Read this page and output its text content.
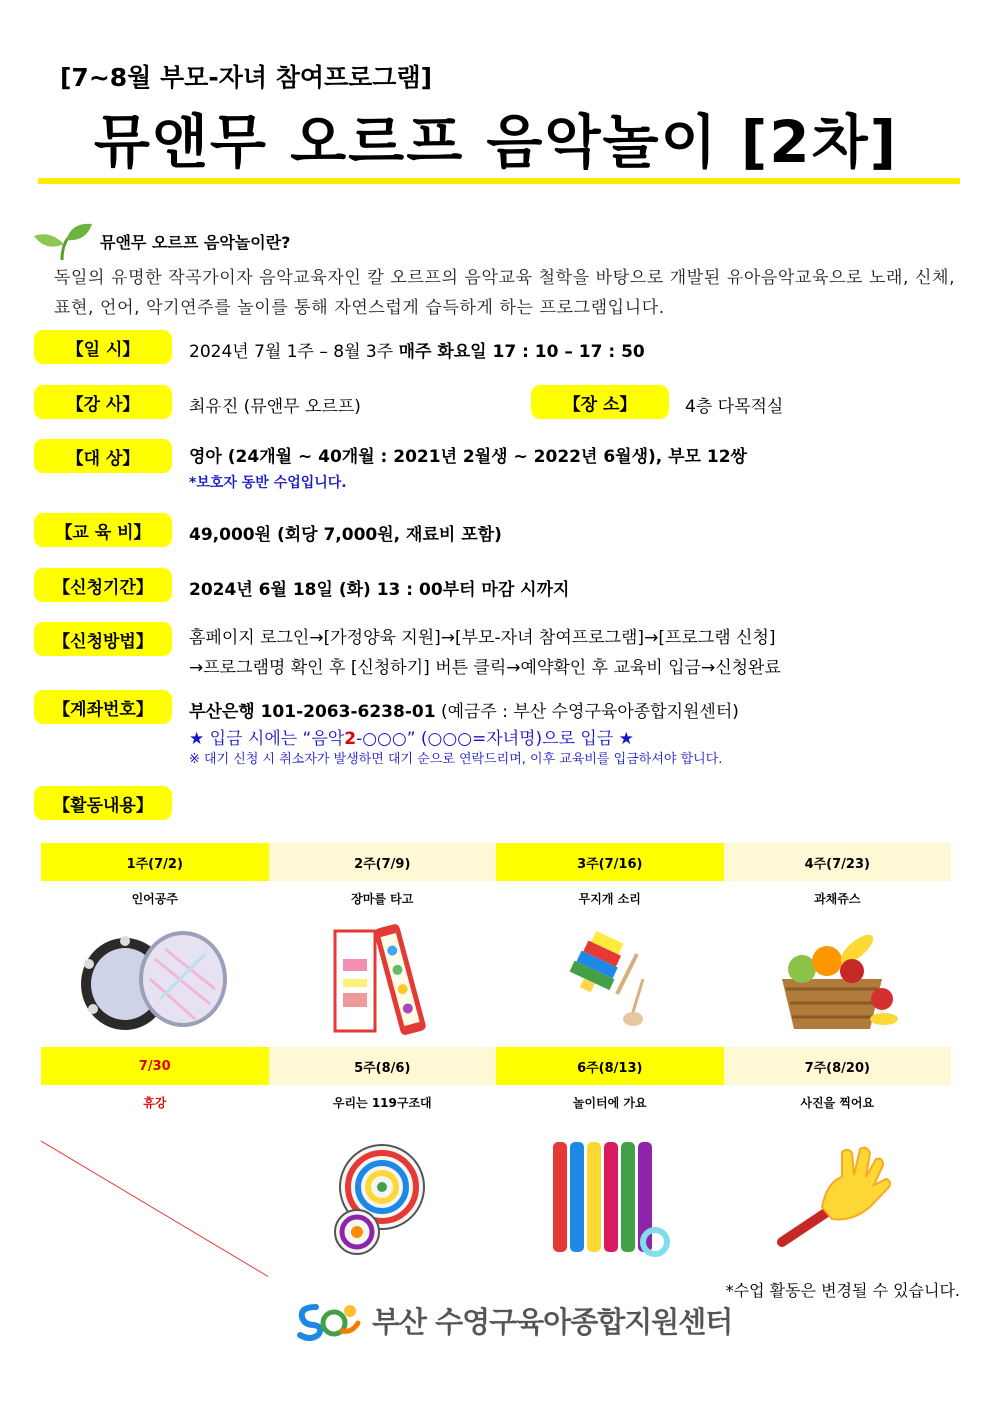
[7~8월 부모-자녀 참여프로그램]
뮤앤무 오르프 음악놀이 [2차]
뮤앤무 오르프 음악놀이란?
독일의 유명한 작곡가이자 음악교육자인 칼 오르프의 음악교육 철학을 바탕으로 개발된 유아음악교육으로 노래, 신체, 표현, 언어, 악기연주를 놀이를 통해 자연스럽게 습득하게 하는 프로그램입니다.
【일 시】	2024년 7월 1주 – 8월 3주 매주 화요일 17 : 10 – 17 : 50
【강 사】	최유진 (뮤앤무 오르프)	【장 소】	4층 다목적실
【대 상】	영아 (24개월 ~ 40개월 : 2021년 2월생 ~ 2022년 6월생), 부모 12쌍
*보호자 동반 수업입니다.
【교 육 비】	49,000원 (회당 7,000원, 재료비 포함)
【신청기간】	2024년 6월 18일 (화) 13 : 00부터 마감 시까지
【신청방법】	홈페이지 로그인→[가정양육 지원]→[부모-자녀 참여프로그램]→[프로그램 신청]
→프로그램명 확인 후 [신청하기] 버튼 클릭→예약확인 후 교육비 입금→신청완료
【계좌번호】	부산은행 101-2063-6238-01 (예금주 : 부산 수영구육아종합지원센터)
★ 입금 시에는 “음악2-○○○” (○○○=자녀명)으로 입금 ★
※ 대기 신청 시 취소자가 발생하면 대기 순으로 연락드리며, 이후 교육비를 입금하셔야 합니다.
【활동내용】
1주(7/2)	2주(7/9)	3주(7/16)	4주(7/23)
인어공주	장마를 타고	무지개 소리	과채쥬스

7/30	5주(8/6)	6주(8/13)	7주(8/20)
휴강	우리는 119구조대	놀이터에 가요	사진을 찍어요

*수업 활동은 변경될 수 있습니다.
부산 수영구육아종합지원센터
